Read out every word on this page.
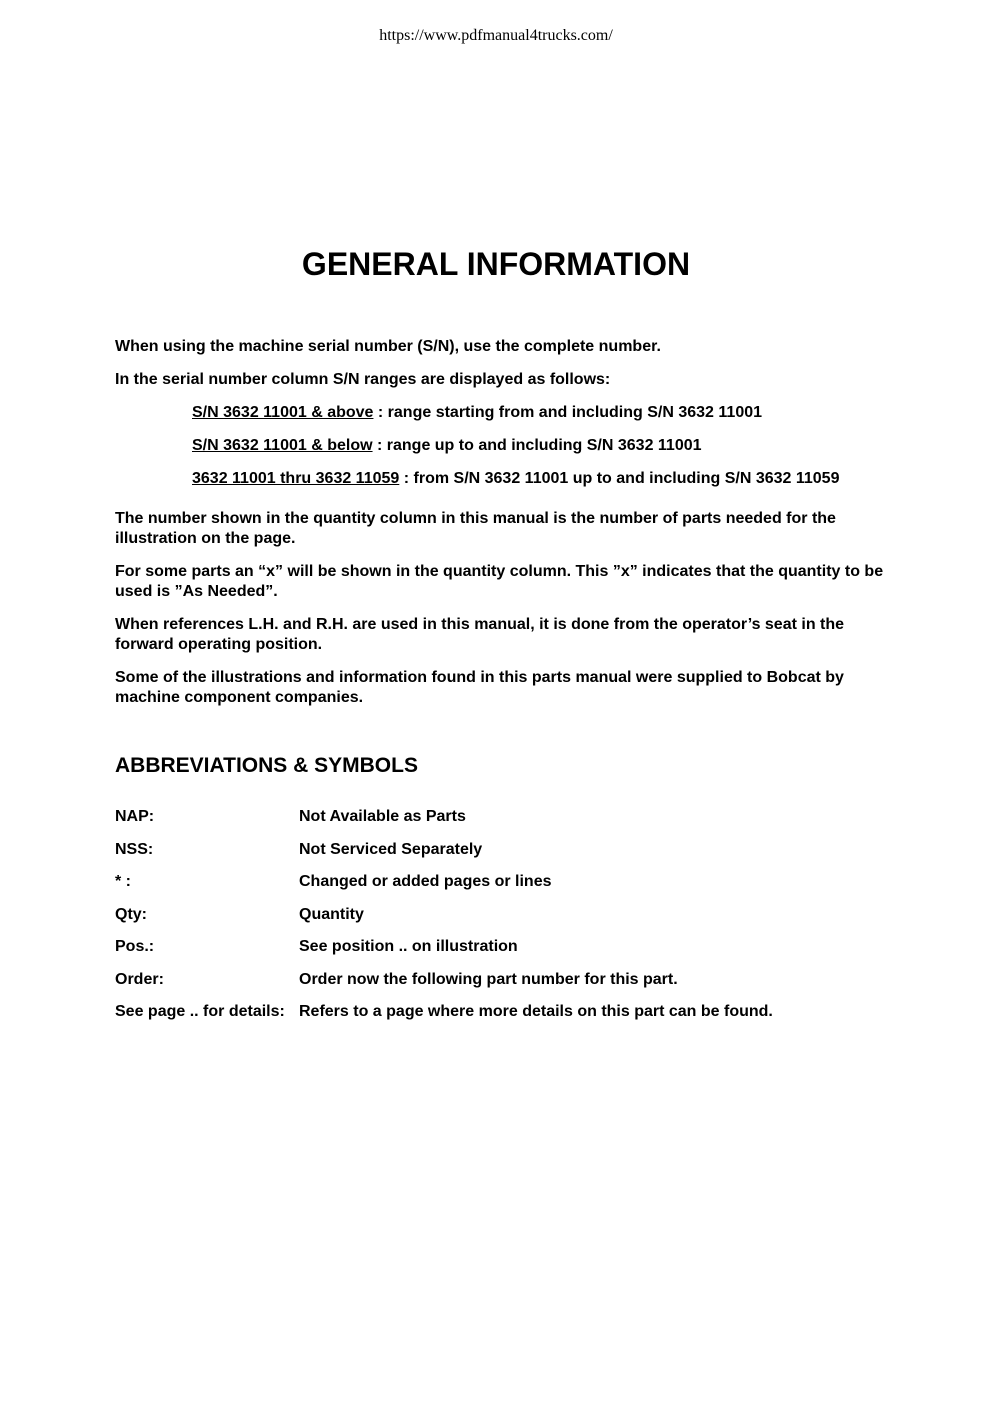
https://www.pdfmanual4trucks.com/
GENERAL INFORMATION

When using the machine serial number (S/N), use the complete number.

In the serial number column S/N ranges are displayed as follows:

S/N 3632 11001 & above : range starting from and including S/N 3632 11001
S/N 3632 11001 & below : range up to and including S/N 3632 11001
3632 11001 thru 3632 11059 : from S/N 3632 11001 up to and including S/N 3632 11059

The number shown in the quantity column in this manual is the number of parts needed for the illustration on the page.

For some parts an “x” will be shown in the quantity column. This ”x” indicates that the quantity to be used is ”As Needed”.

When references L.H. and R.H. are used in this manual, it is done from the operator’s seat in the forward operating position.

Some of the illustrations and information found in this parts manual were supplied to Bobcat by machine component companies.

ABBREVIATIONS & SYMBOLS
NAP:	Not Available as Parts
NSS:	Not Serviced Separately
* :	Changed or added pages or lines
Qty:	Quantity
Pos.:	See position .. on illustration
Order:	Order now the following part number for this part.
See page .. for details: Refers to a page where more details on this part can be found.
